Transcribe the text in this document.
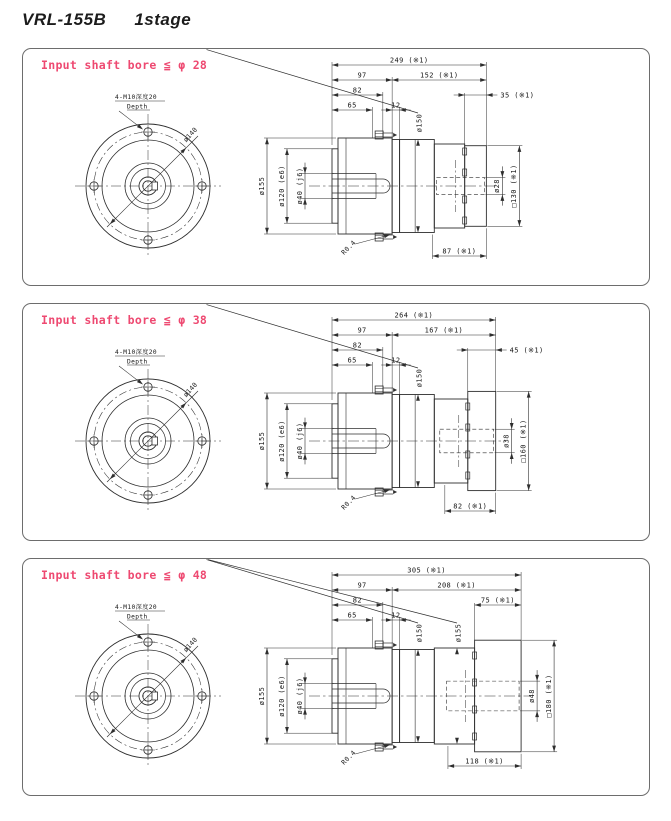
VRL-155B 1stage
Input shaft bore ≦ φ 28
ø140
4-M10深度20
Depth
249 (※1)
97	152 (※1)
82
65	12
35 (※1)
ø155 ø120 (e6) ø40 (j6)
ø150
ø28 □130 (※1)
87 (※1)
R0.4
Input shaft bore ≦ φ 38
ø140
4-M10深度20
Depth
264 (※1)
97	167 (※1)
82
65	12
45 (※1)
ø155 ø120 (e6) ø40 (j6)
ø150
ø38 □160 (※1)
82 (※1)
R0.4
Input shaft bore ≦ φ 48
ø140
4-M10深度20
Depth
305 (※1)
97	208 (※1)
82
65	12
75 (※1)
ø155 ø120 (e6) ø40 (j6)
ø150	ø155
ø48 □180 (※1)
118 (※1)
R0.4
